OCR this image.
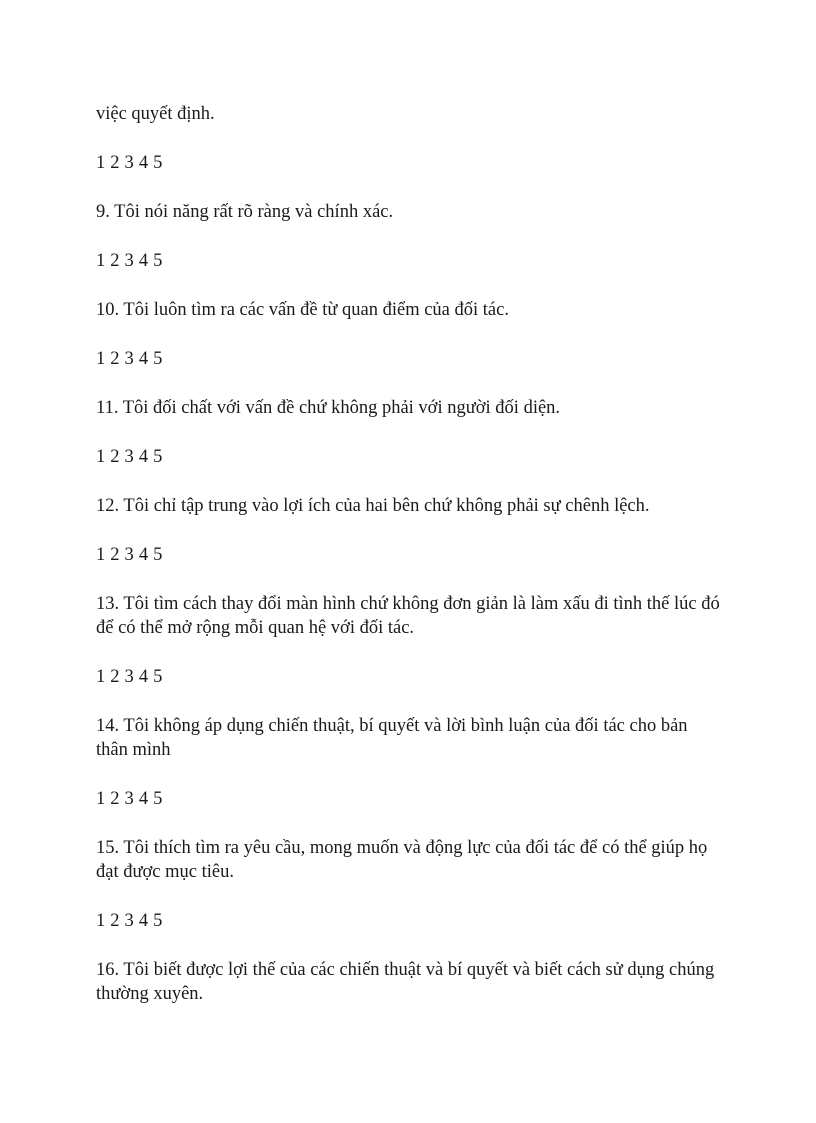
việc quyết định.

1 2 3 4 5

9. Tôi nói năng rất rõ ràng và chính xác.

1 2 3 4 5

10. Tôi luôn tìm ra các vấn đề từ quan điểm của đối tác.

1 2 3 4 5

11. Tôi đối chất với vấn đề chứ không phải với người đối diện.

1 2 3 4 5

12. Tôi chỉ tập trung vào lợi ích của hai bên chứ không phải sự chênh lệch.

1 2 3 4 5

13. Tôi tìm cách thay đổi màn hình chứ không đơn giản là làm xấu đi tình thế lúc đó để có thể mở rộng mỗi quan hệ với đối tác.

1 2 3 4 5

14. Tôi không áp dụng chiến thuật, bí quyết và lời bình luận của đối tác cho bản thân mình

1 2 3 4 5

15. Tôi thích tìm ra yêu cầu, mong muốn và động lực của đối tác để có thể giúp họ đạt được mục tiêu.

1 2 3 4 5

16. Tôi biết được lợi thế của các chiến thuật và bí quyết và biết cách sử dụng chúng thường xuyên.
